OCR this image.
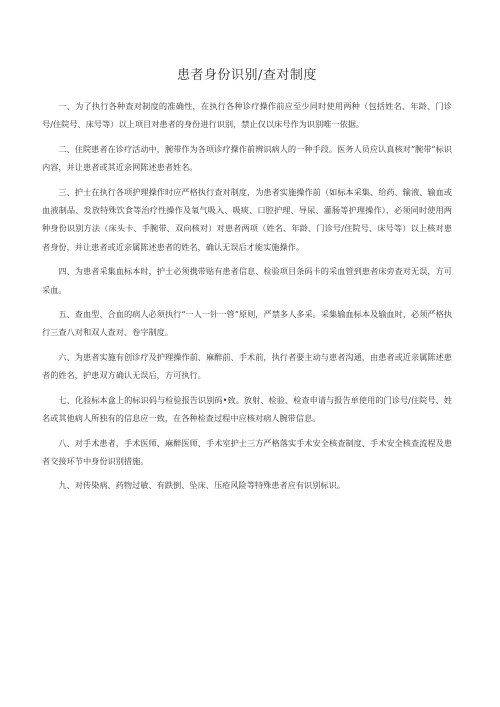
患者身份识别/查对制度

一、为了执行各种查对制度的准确性，在执行各种诊疗操作前应至少同时使用两种（包括姓名、年龄、门诊号/住院号、床号等）以上项目对患者的身份进行识别，禁止仅以床号作为识别唯一依据。

二、住院患者在诊疗活动中，腕带作为各项诊疗操作前辨识病人的一种手段。医务人员应认真核对“腕带”标识内容，并让患者或其近亲网陈述患者姓名。

三、护士在执行各项护理操作时应严格执行查对制度，为患者实施操作前（如标本采集、给药、输液、输血或血液制品、发放特殊饮食等治疗性操作及氧气吸入、吸痰、口腔护理、导尿、灌肠等护理操作），必须同时使用两种身份识别方法（床头卡、手腕带、双向核对）对患者两项（姓名、年龄、门诊号/住院号、床号等）以上核对患者身份，并让患者或近亲属陈述患者的姓名，确认无误后才能实施操作。

四、为患者采集血标本时，护士必须携带贴有患者信息、检验项目条码卡的采血管到患者床旁查对无误，方可采血。

五、查血型、合血的病人必须执行“一人一针一管”原则，严禁多人多采。采集输血标本及输血时，必须严格执行三查八对和双人查对、卷字制度。

六、为患者实施有创诊疗及护理操作前、麻醉前、手术前，执行者要主动与患者沟通，由患者或近亲属陈述患者的姓名，护患双方确认无误后，方可执行。

七、化验标本盒上的标识码与检验报告识别码•致。放射、检验、检查申请与报告单使用的门诊号/住院号、姓名或其他病人所独有的信息应一致，在各种检查过程中应核对病人腕带信息。

八、对手术患者，手术医师、麻醉医师、手术室护士三方严格落实手术安全核查制度、手术安全核查流程及患者交接环节中身份识别措施。

九、对传染病、药物过敏、有跌倒、坠床、压疮风险等特殊患者应有识别标识。
